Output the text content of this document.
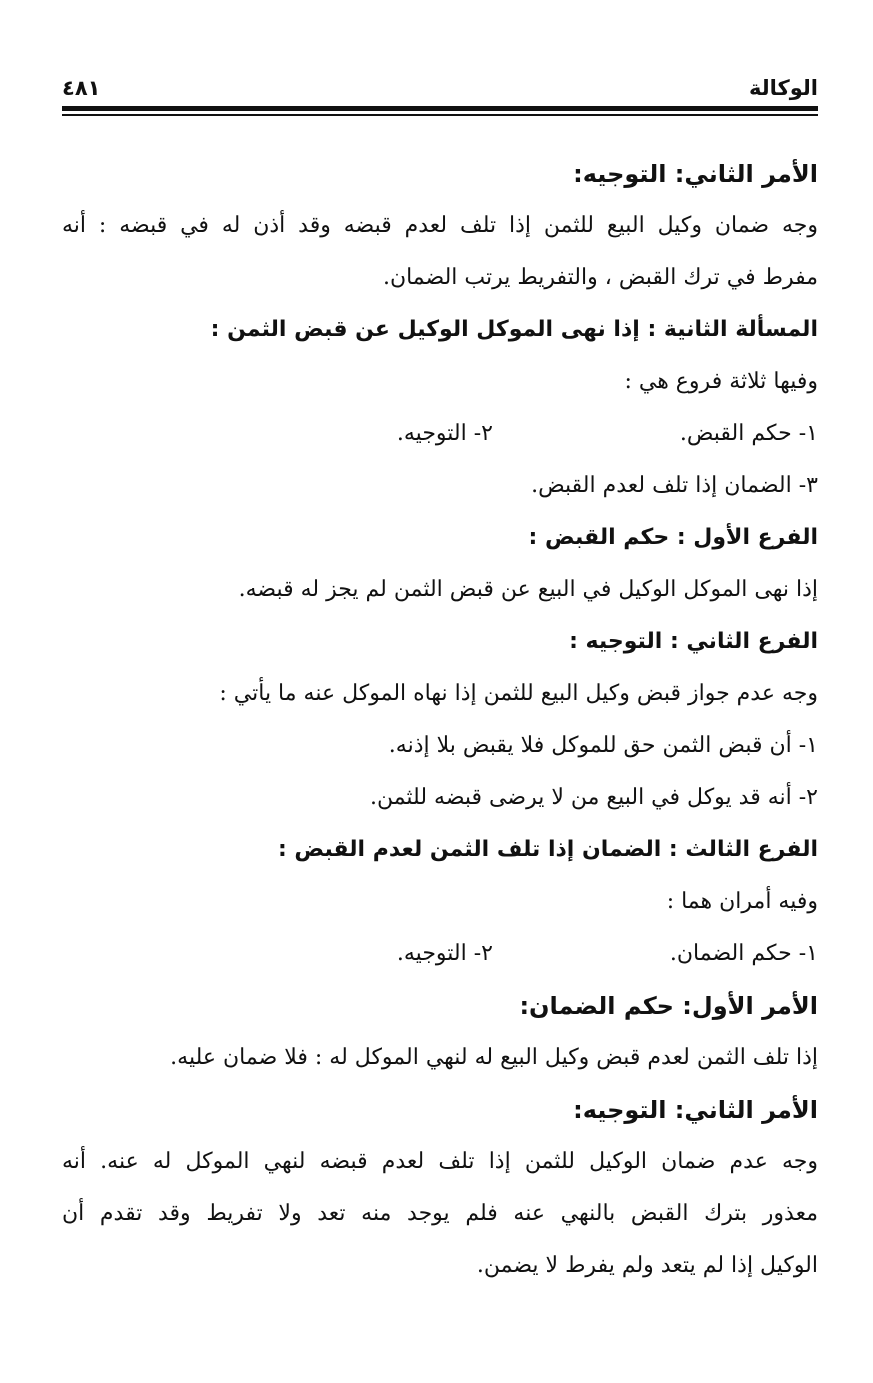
الوكالة
٤٨١
الأمر الثاني: التوجيه:
وجه ضمان وكيل البيع للثمن إذا تلف لعدم قبضه وقد أذن له في قبضه : أنه
مفرط في ترك القبض ، والتفريط يرتب الضمان.
المسألة الثانية : إذا نهى الموكل الوكيل عن قبض الثمن :
وفيها ثلاثة فروع هي :
١- حكم القبض.
٢- التوجيه.
٣- الضمان إذا تلف لعدم القبض.
الفرع الأول : حكم القبض :
إذا نهى الموكل الوكيل في البيع عن قبض الثمن لم يجز له قبضه.
الفرع الثاني : التوجيه :
وجه عدم جواز قبض وكيل البيع للثمن إذا نهاه الموكل عنه ما يأتي :
١- أن قبض الثمن حق للموكل فلا يقبض بلا إذنه.
٢- أنه قد يوكل في البيع من لا يرضى قبضه للثمن.
الفرع الثالث : الضمان إذا تلف الثمن لعدم القبض :
وفيه أمران هما :
١- حكم الضمان.
٢- التوجيه.
الأمر الأول: حكم الضمان:
إذا تلف الثمن لعدم قبض وكيل البيع له لنهي الموكل له : فلا ضمان عليه.
الأمر الثاني: التوجيه:
وجه عدم ضمان الوكيل للثمن إذا تلف لعدم قبضه لنهي الموكل له عنه. أنه
معذور بترك القبض بالنهي عنه فلم يوجد منه تعد ولا تفريط وقد تقدم أن
الوكيل إذا لم يتعد ولم يفرط لا يضمن.
